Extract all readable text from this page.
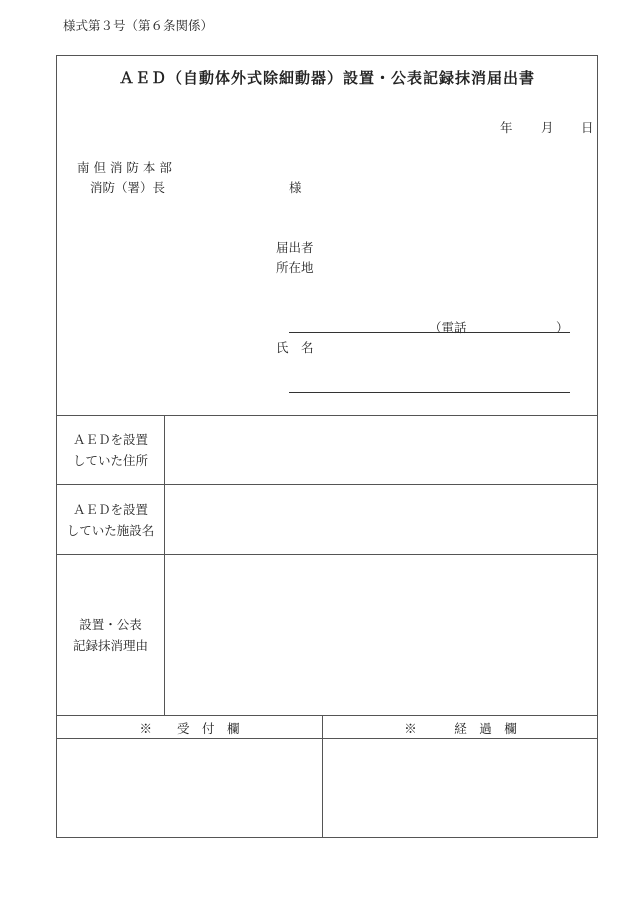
様式第３号（第６条関係）
ＡＥＤ（自動体外式除細動器）設置・公表記録抹消届出書
年 月 日
南 但 消 防 本 部
消防（署）長	様
届出者
所在地
（電話	）
氏　名
ＡＥＤを設置
していた住所
ＡＥＤを設置
していた施設名
設置・公表
記録抹消理由
※　　受　付　欄	※　　　経　過　欄
